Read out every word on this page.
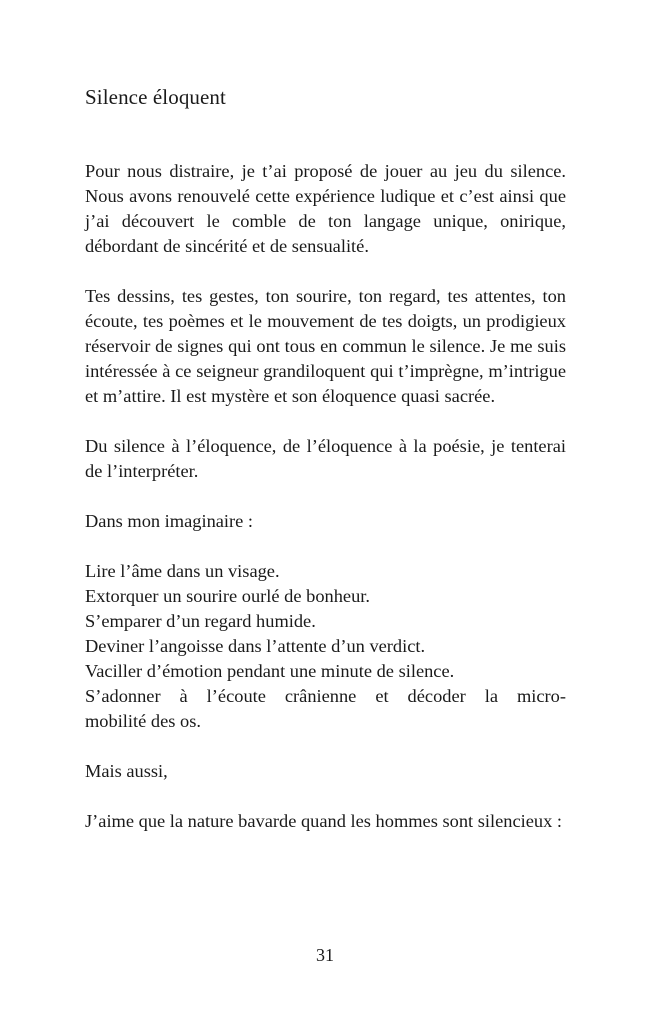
Silence éloquent

Pour nous distraire, je t’ai proposé de jouer au jeu du silence. Nous avons renouvelé cette expérience ludique et c’est ainsi que j’ai découvert le comble de ton langage unique, onirique, débordant de sincérité et de sensualité.

Tes dessins, tes gestes, ton sourire, ton regard, tes attentes, ton écoute, tes poèmes et le mouvement de tes doigts, un prodigieux réservoir de signes qui ont tous en commun le silence. Je me suis intéressée à ce seigneur grandiloquent qui t’imprègne, m’intrigue et m’attire. Il est mystère et son éloquence quasi sacrée.

Du silence à l’éloquence, de l’éloquence à la poésie, je tenterai de l’interpréter.

Dans mon imaginaire :

Lire l’âme dans un visage.
Extorquer un sourire ourlé de bonheur.
S’emparer d’un regard humide.
Deviner l’angoisse dans l’attente d’un verdict.
Vaciller d’émotion pendant une minute de silence.
S’adonner à l’écoute crânienne et décoder la micro-
mobilité des os.

Mais aussi,

J’aime que la nature bavarde quand les hommes sont silencieux :

31
